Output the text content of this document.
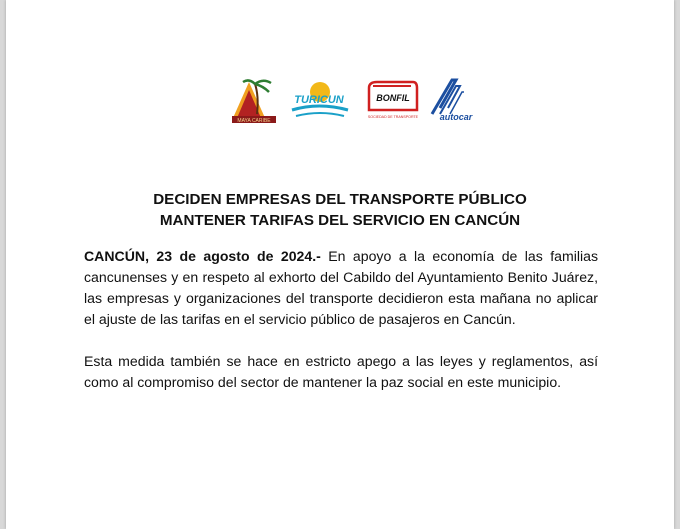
MAYA CARIBE
TURICUN	BONFIL
SOCIEDAD DE TRANSPORTE autocar
DECIDEN EMPRESAS DEL TRANSPORTE PÚBLICO
MANTENER TARIFAS DEL SERVICIO EN CANCÚN
CANCÚN, 23 de agosto de 2024.- En apoyo a la economía de las familias
cancunenses y en respeto al exhorto del Cabildo del Ayuntamiento Benito Juárez,
las empresas y organizaciones del transporte decidieron esta mañana no aplicar
el ajuste de las tarifas en el servicio público de pasajeros en Cancún.
Esta medida también se hace en estricto apego a las leyes y reglamentos, así
como al compromiso del sector de mantener la paz social en este municipio.
